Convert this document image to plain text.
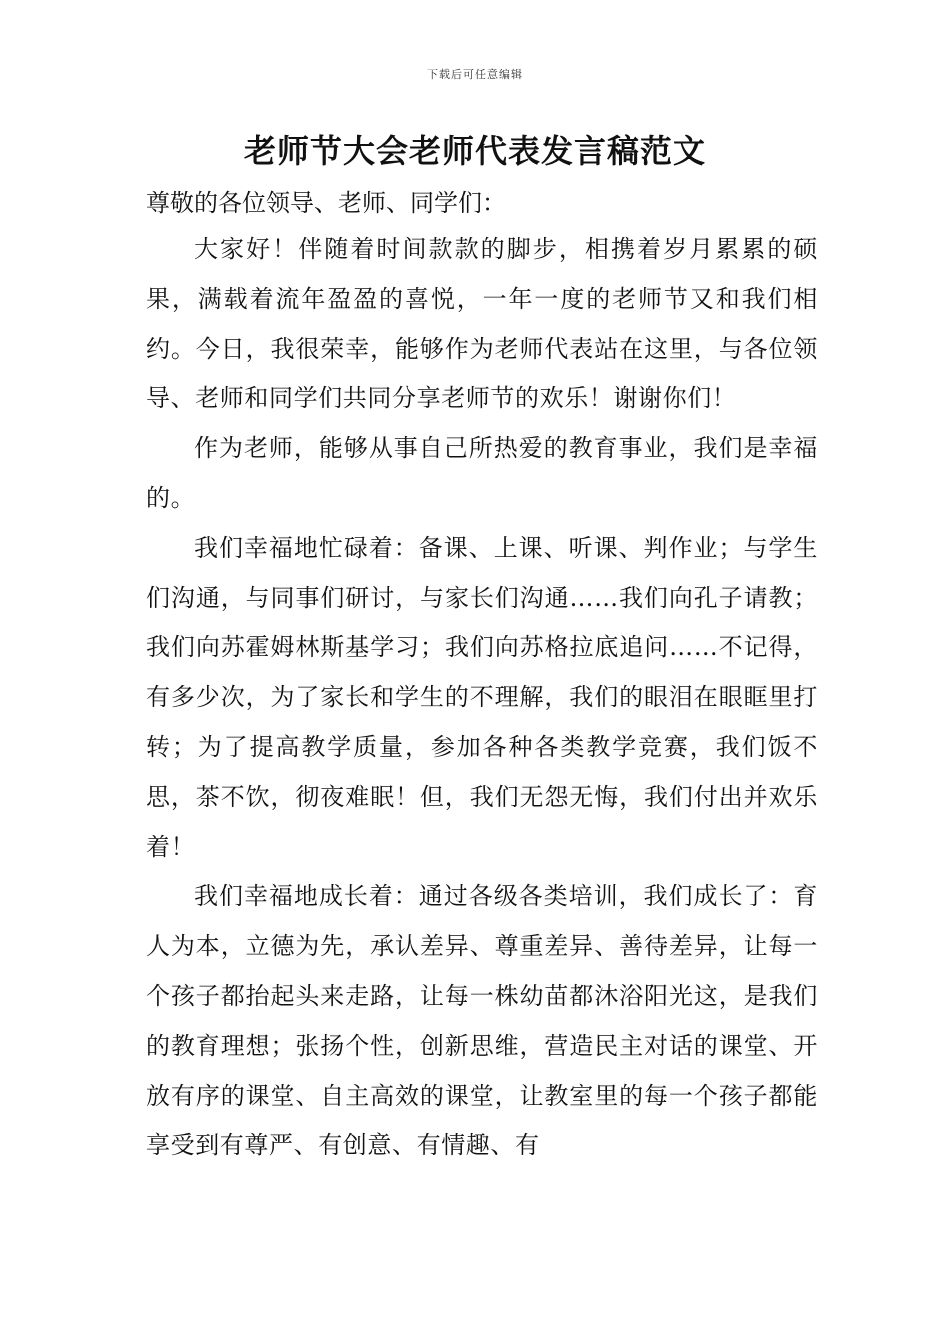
下载后可任意编辑
老师节大会老师代表发言稿范文

尊敬的各位领导、老师、同学们：

大家好！伴随着时间款款的脚步，相携着岁月累累的硕果，满载着流年盈盈的喜悦，一年一度的老师节又和我们相约。今日，我很荣幸，能够作为老师代表站在这里，与各位领导、老师和同学们共同分享老师节的欢乐！谢谢你们！

作为老师，能够从事自己所热爱的教育事业，我们是幸福的。

我们幸福地忙碌着：备课、上课、听课、判作业；与学生们沟通，与同事们研讨，与家长们沟通……我们向孔子请教；我们向苏霍姆林斯基学习；我们向苏格拉底追问……不记得，有多少次，为了家长和学生的不理解，我们的眼泪在眼眶里打转；为了提高教学质量，参加各种各类教学竞赛，我们饭不思，茶不饮，彻夜难眠！但，我们无怨无悔，我们付出并欢乐着！

我们幸福地成长着：通过各级各类培训，我们成长了：育人为本，立德为先，承认差异、尊重差异、善待差异，让每一个孩子都抬起头来走路，让每一株幼苗都沐浴阳光这，是我们的教育理想；张扬个性，创新思维，营造民主对话的课堂、开放有序的课堂、自主高效的课堂，让教室里的每一个孩子都能享受到有尊严、有创意、有情趣、有
